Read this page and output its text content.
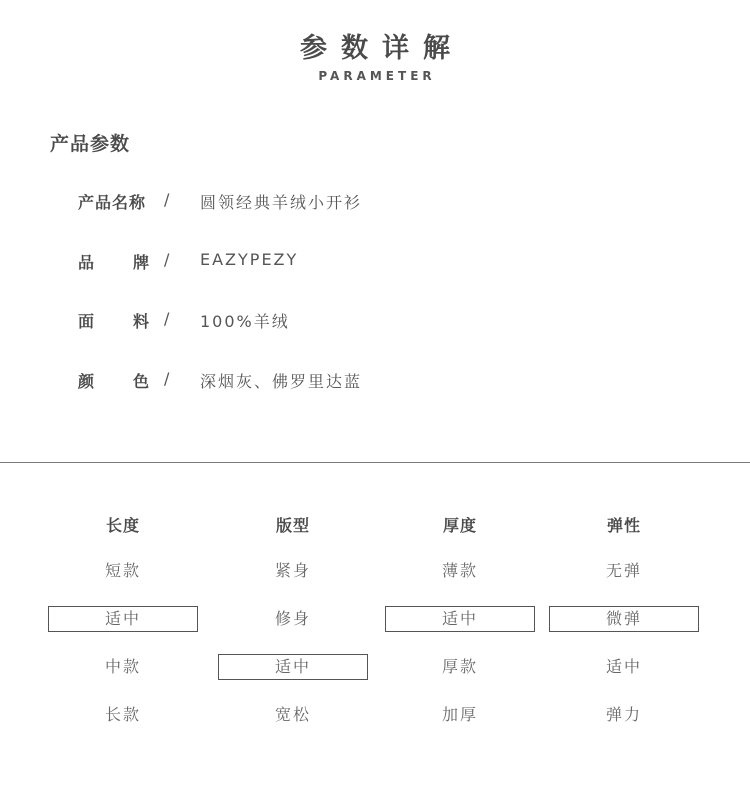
参数详解
PARAMETER
产品参数
产品名称 / 圆领经典羊绒小开衫
品 牌 / EAZYPEZY
面 料 / 100%羊绒
颜 色 / 深烟灰、佛罗里达蓝
长度
短款
适中
中款
长款
版型
紧身
修身
适中
宽松
厚度
薄款
适中
厚款
加厚
弹性
无弹
微弹
适中
弹力
